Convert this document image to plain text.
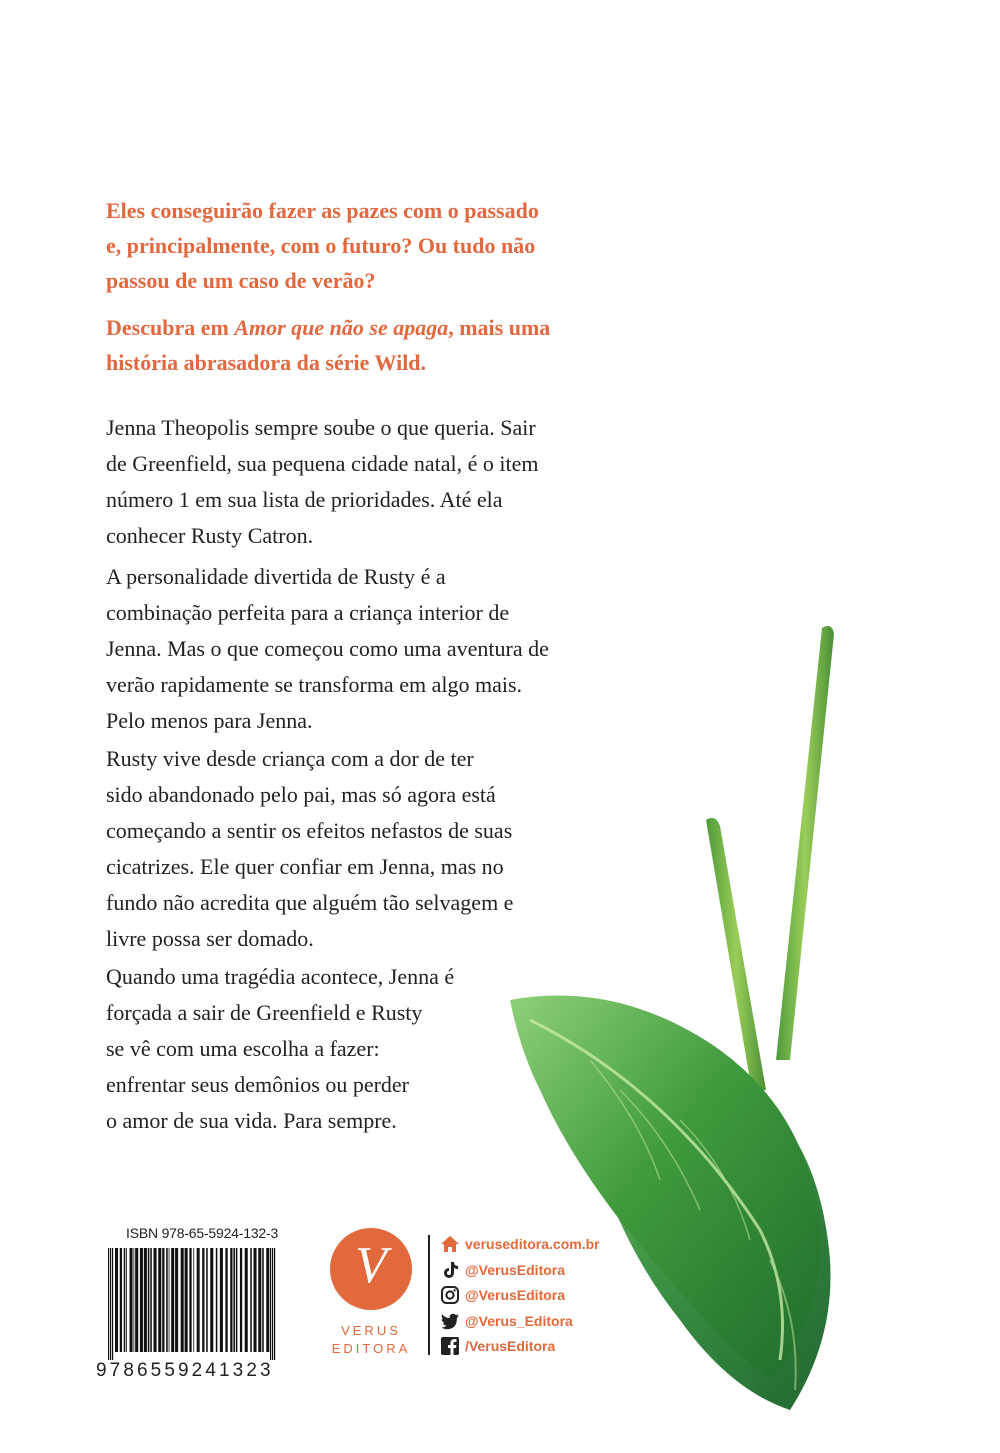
Eles conseguirão fazer as pazes com o passado

e, principalmente, com o futuro? Ou tudo não

passou de um caso de verão?

Descubra em Amor que não se apaga, mais uma

história abrasadora da série Wild.

Jenna Theopolis sempre soube o que queria. Sair
de Greenfield, sua pequena cidade natal, é o item
número 1 em sua lista de prioridades. Até ela
conhecer Rusty Catron.
A personalidade divertida de Rusty é a
combinação perfeita para a criança interior de
Jenna. Mas o que começou como uma aventura de
verão rapidamente se transforma em algo mais.
Pelo menos para Jenna.
Rusty vive desde criança com a dor de ter
sido abandonado pelo pai, mas só agora está
começando a sentir os efeitos nefastos de suas
cicatrizes. Ele quer confiar em Jenna, mas no
fundo não acredita que alguém tão selvagem e
livre possa ser domado.
Quando uma tragédia acontece, Jenna é
forçada a sair de Greenfield e Rusty
se vê com uma escolha a fazer:
enfrentar seus demônios ou perder
o amor de sua vida. Para sempre.
ISBN 978-65-5924-132-3
9786559241323
V
VERUS
EDITORA
veruseditora.com.br
@VerusEditora
@VerusEditora
@Verus_Editora
/VerusEditora
